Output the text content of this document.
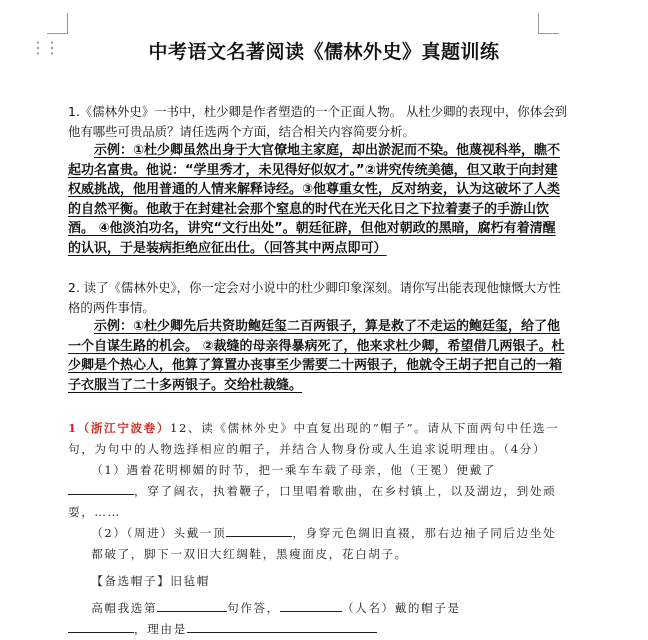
⋮⋮	中考语文名著阅读《儒林外史》真题训练

1.《儒林外史》一书中，杜少卿是作者塑造的一个正面人物。 从杜少卿的表现中，你体会到他有哪些可贵品质？请任选两个方面，结合相关内容简要分析。

示例：①杜少卿虽然出身于大官僚地主家庭，却出淤泥而不染。他蔑视科举，瞧不起功名富贵。他说：“学里秀才，未见得好似奴才。”②讲究传统美德，但又敢于向封建权威挑战，他用普通的人情来解释诗经。③他尊重女性，反对纳妾，认为这破坏了人类的自然平衡。他敢于在封建社会那个窒息的时代在光天化日之下拉着妻子的手游山饮酒。 ④他淡泊功名，讲究“文行出处”。朝廷征辟，但他对朝政的黑暗，腐朽有着清醒的认识，于是装病拒绝应征出仕。（回答其中两点即可）

2. 读了《儒林外史》，你一定会对小说中的杜少卿印象深刻。请你写出能表现他慷慨大方性格的两件事情。

示例：①杜少卿先后共资助鲍廷玺二百两银子，算是救了不走运的鲍廷玺，给了他一个自谋生路的机会。 ②裁缝的母亲得暴病死了，他来求杜少卿，希望借几两银子。杜少卿是个热心人，他算了算置办丧事至少需要二十两银子，他就令王胡子把自己的一箱子衣服当了二十多两银子。交给杜裁缝。

1（浙江宁波卷）12、读《儒林外史》中直复出现的“帽子”。请从下面两句中任选一句，为句中的人物选择相应的帽子，并结合人物身份或人生追求说明理由。（4分）

（1）遇着花明柳媚的时节，把一乘车车载了母亲，他（王冕）便戴了

，穿了阔衣，执着鞭子，口里唱着歌曲，在乡村镇上，以及湖边，到处顽耍，……

（2）（周进）头戴一顶	，身穿元色绸旧直裰，那右边袖子同后边坐处都破了，脚下一双旧大红绸鞋，黑瘦面皮，花白胡子。

【备选帽子】旧毡帽

高帽我选第	句作答，	（人名）戴的帽子是

，理由是
